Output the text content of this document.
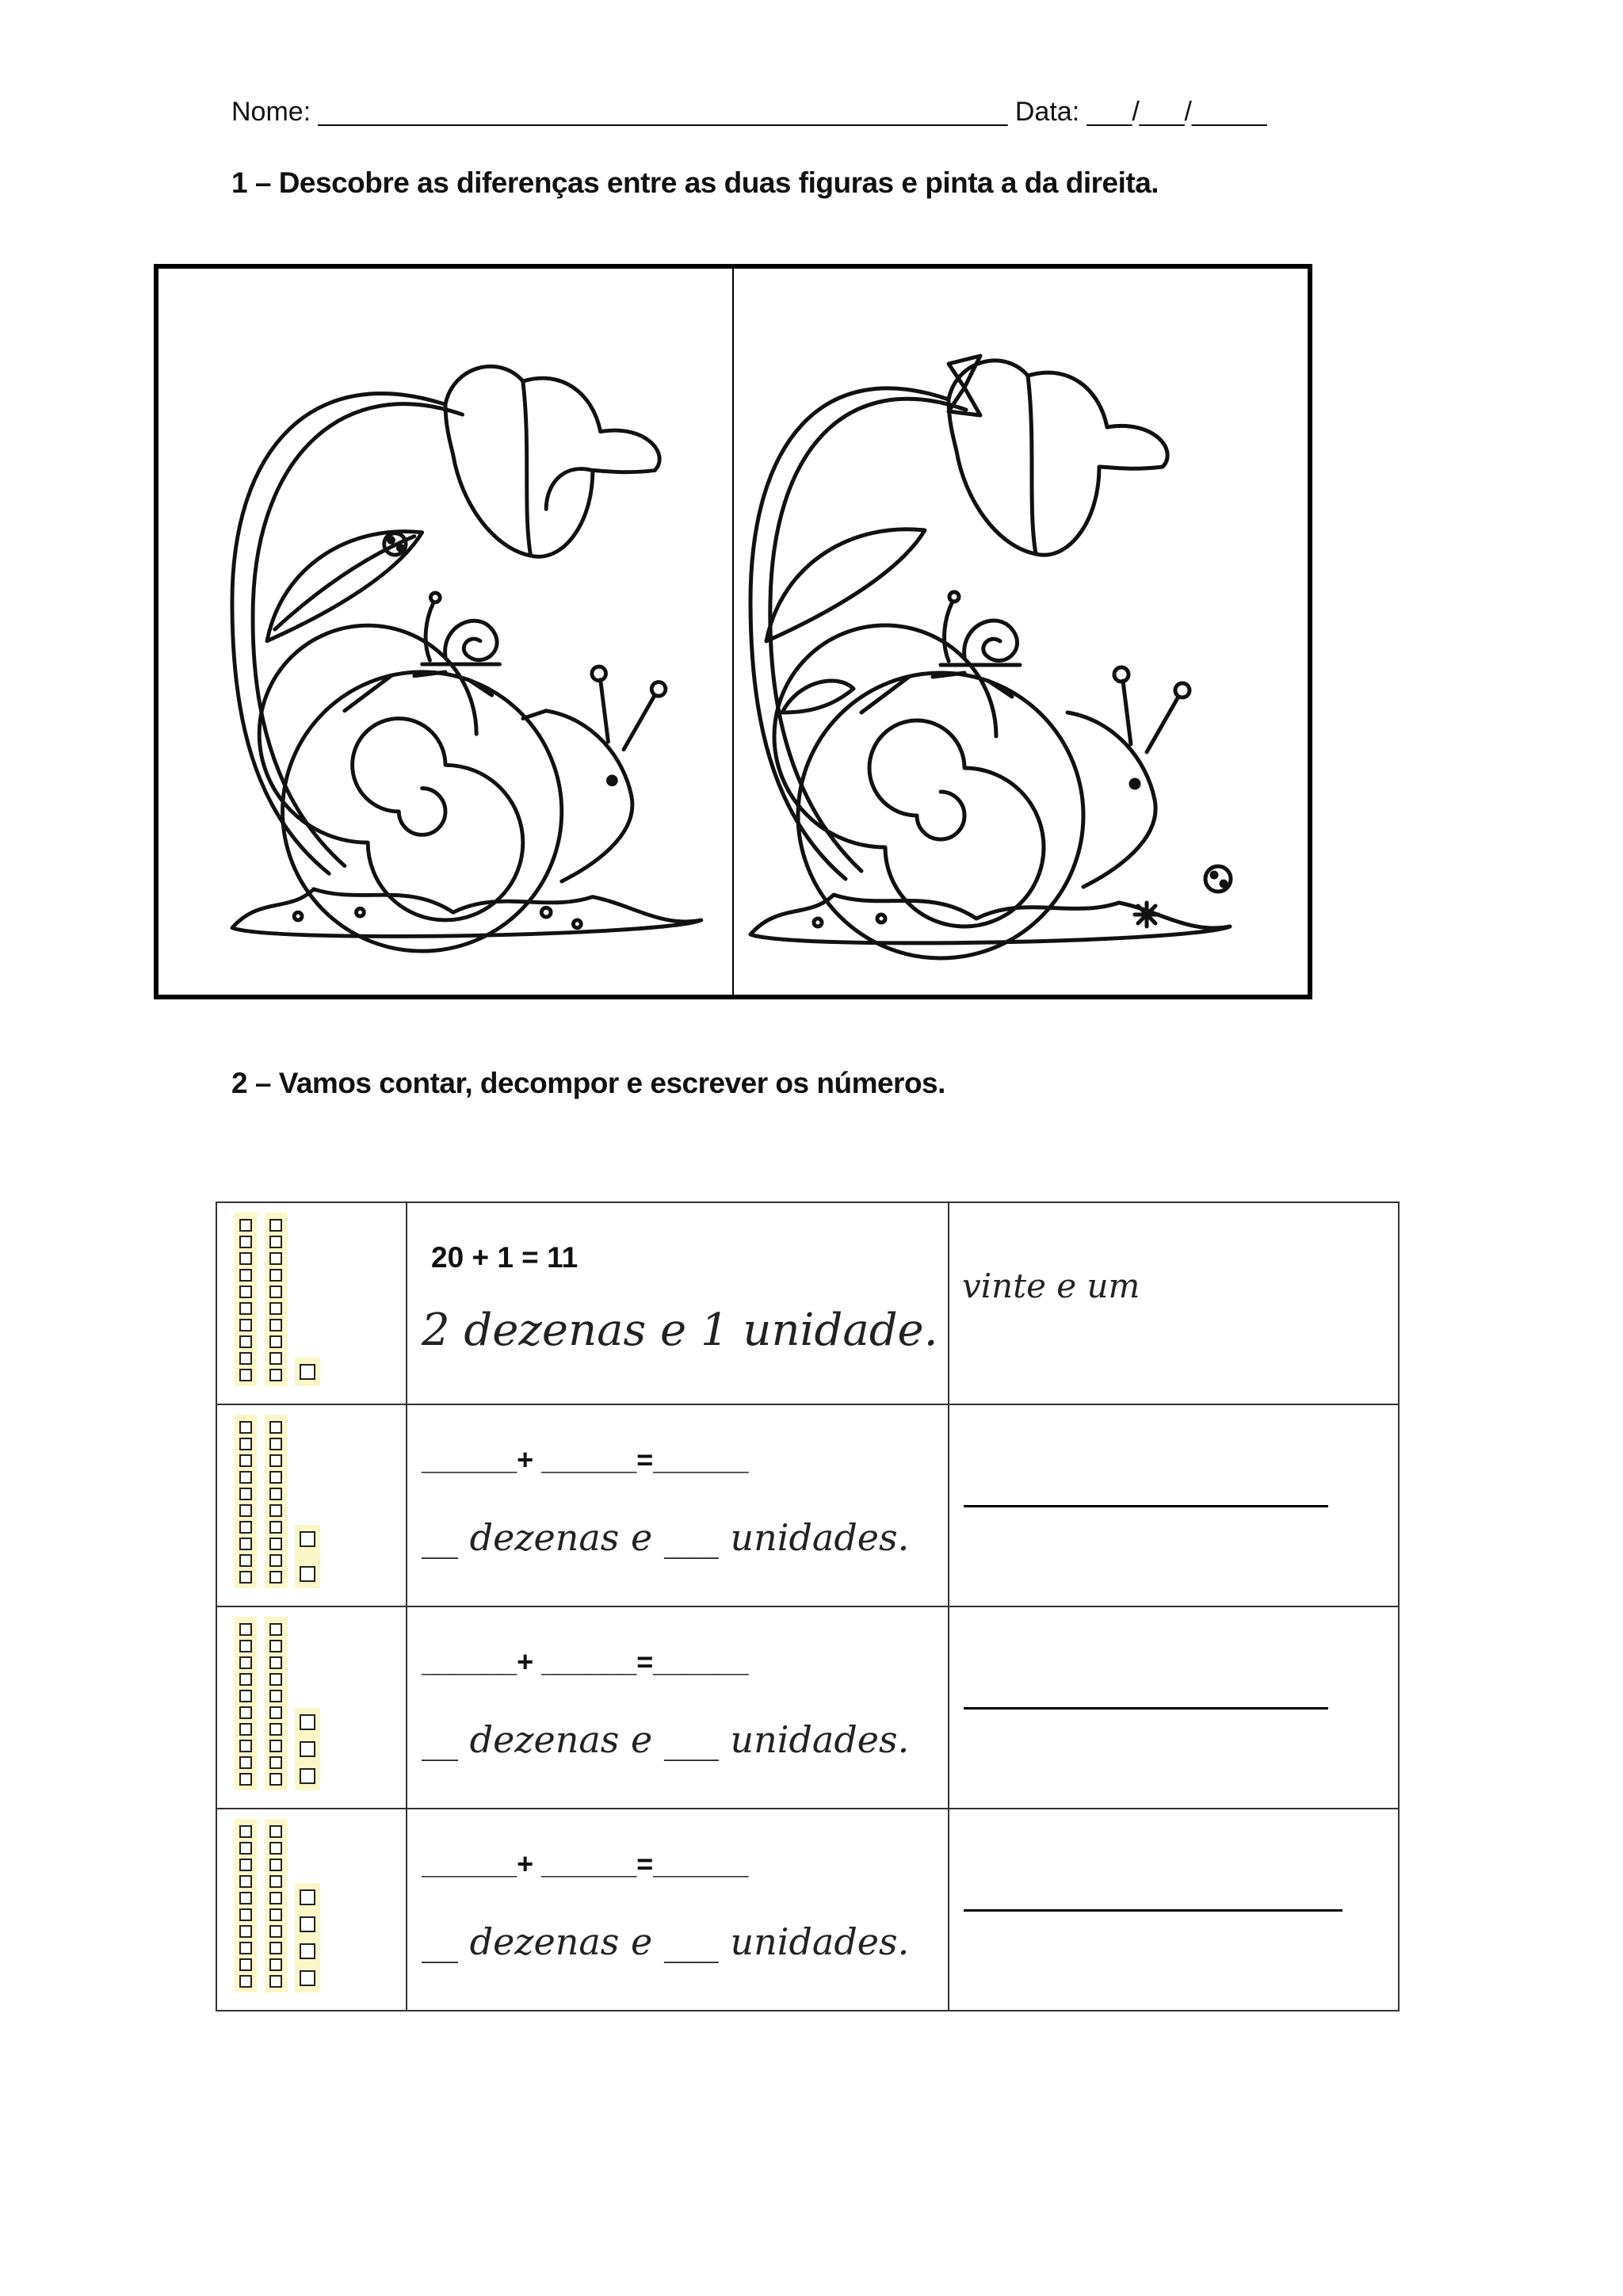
Nome: ______________________________________________ Data: ___/___/_____
1 – Descobre as diferenças entre as duas figuras e pinta a da direita.
2 – Vamos contar, decompor e escrever os números.

	20 + 1 = 11
2 dezenas e 1 unidade.	vinte e um

	______+ ______=______
__ dezenas e ___ unidades.	

	______+ ______=______
__ dezenas e ___ unidades.	

	______+ ______=______
__ dezenas e ___ unidades.	
